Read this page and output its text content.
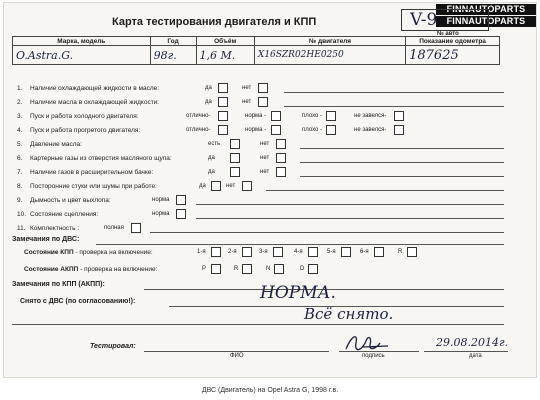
FINNAUTOPARTS
FINNAUTOPARTS
Карта тестирования двигателя и КПП	V-9
№ авто
Марка, модель	Год	Объём	№ двигателя	Показание одометра
O.Astra.G.	98г.	1,6 М.	X16SZR02HE0250	187625
1. Наличие охлаждающей жидкости в масле:	да	нет
2. Наличие масла в охлаждающей жидкости:	да	нет
3. Пуск и работа холодного двигателя:	отлично-	норма -	плохо -	не завелся-
4. Пуск и работа прогретого двигателя:	отлично-	норма -	плохо -	не завелся-
5. Давление масла:	есть	нет
6. Картерные газы из отверстия масляного щупа:	да	нет
7. Наличие газов в расширительном бачке:	да	нет
8. Посторонние стуки или шумы при работе:	да	нет
9. Дымность и цвет выхлопа:	норма
10. Состояние сцепления:	норма
11. Комплектность :	полная
Замечания по ДВС:
Состояние КПП - проверка на включение:	1-я	2-я	3-я	4-я	5-я	6-я	R
Состояние АКПП - проверка на включение:	P	R	N	D
Замечания по КПП (АКПП):
Снято с ДВС (по согласованию!):	НОРМА.
Всё снято.
Тестировал:
ФИО	подпись	дата
29.08.2014г.
ДВС (Двигатель) на Opel Astra G, 1998 г.в.
